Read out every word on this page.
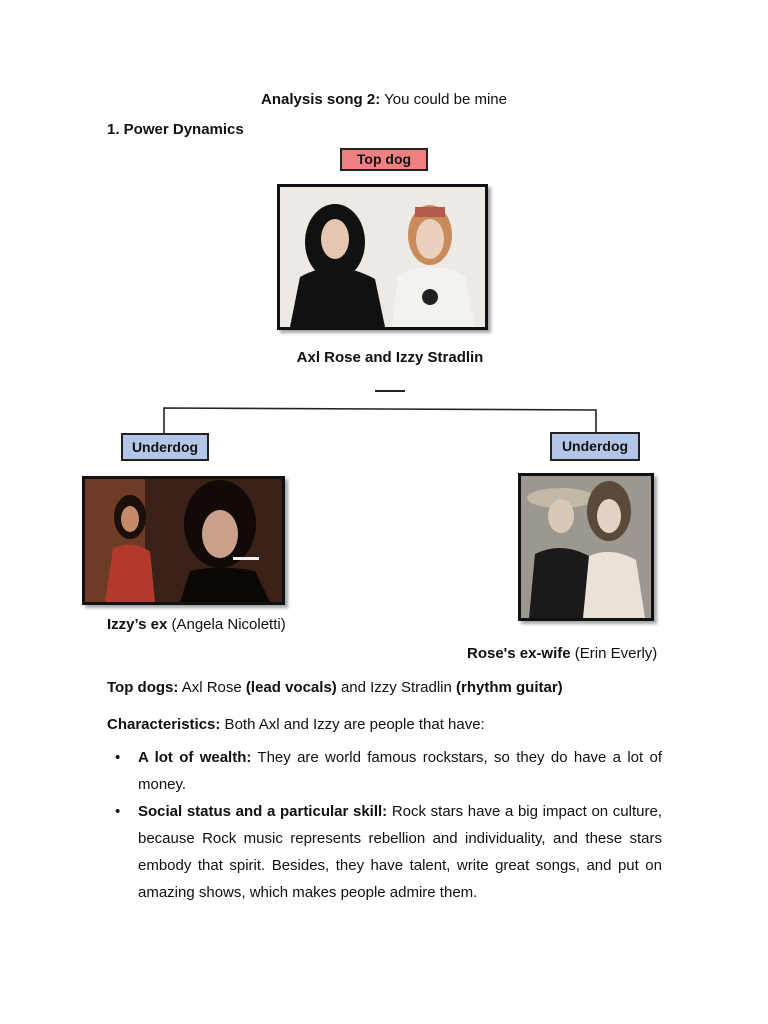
Analysis song 2: You could be mine
1. Power Dynamics
Top dog
Axl Rose and Izzy Stradlin
Underdog	Underdog
Izzy’s ex (Angela Nicoletti)
Rose's ex-wife (Erin Everly)
Top dogs: Axl Rose (lead vocals) and Izzy Stradlin (rhythm guitar)
Characteristics: Both Axl and Izzy are people that have:
• A lot of wealth: They are world famous rockstars, so they do have a lot of money.
• Social status and a particular skill: Rock stars have a big impact on culture, because Rock music represents rebellion and individuality, and these stars embody that spirit. Besides, they have talent, write great songs, and put on amazing shows, which makes people admire them.
